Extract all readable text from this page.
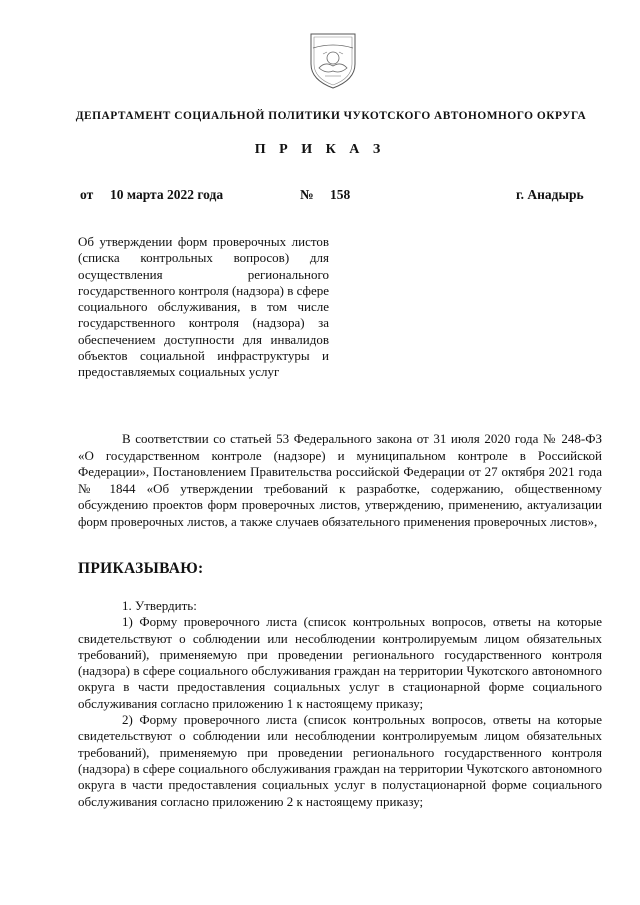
ДЕПАРТАМЕНТ СОЦИАЛЬНОЙ ПОЛИТИКИ ЧУКОТСКОГО АВТОНОМНОГО ОКРУГА
П Р И К А З
от 10 марта 2022 года	№ 158	г. Анадырь
Об утверждении форм проверочных листов (списка контрольных вопросов) для осуществления регионального государственного контроля (надзора) в сфере социального обслуживания, в том числе государственного контроля (надзора) за обеспечением доступности для инвалидов объектов социальной инфраструктуры и предоставляемых социальных услуг
В соответствии со статьей 53 Федерального закона от 31 июля 2020 года № 248-ФЗ «О государственном контроле (надзоре) и муниципальном контроле в Российской Федерации», Постановлением Правительства российской Федерации от 27 октября 2021 года № 1844 «Об утверждении требований к разработке, содержанию, общественному обсуждению проектов форм проверочных листов, утверждению, применению, актуализации форм проверочных листов, а также случаев обязательного применения проверочных листов»,
ПРИКАЗЫВАЮ:

1. Утвердить:

1) Форму проверочного листа (список контрольных вопросов, ответы на которые свидетельствуют о соблюдении или несоблюдении контролируемым лицом обязательных требований), применяемую при проведении регионального государственного контроля (надзора) в сфере социального обслуживания граждан на территории Чукотского автономного округа в части предоставления социальных услуг в стационарной форме социального обслуживания согласно приложению 1 к настоящему приказу;

2) Форму проверочного листа (список контрольных вопросов, ответы на которые свидетельствуют о соблюдении или несоблюдении контролируемым лицом обязательных требований), применяемую при проведении регионального государственного контроля (надзора) в сфере социального обслуживания граждан на территории Чукотского автономного округа в части предоставления социальных услуг в полустационарной форме социального обслуживания согласно приложению 2 к настоящему приказу;
